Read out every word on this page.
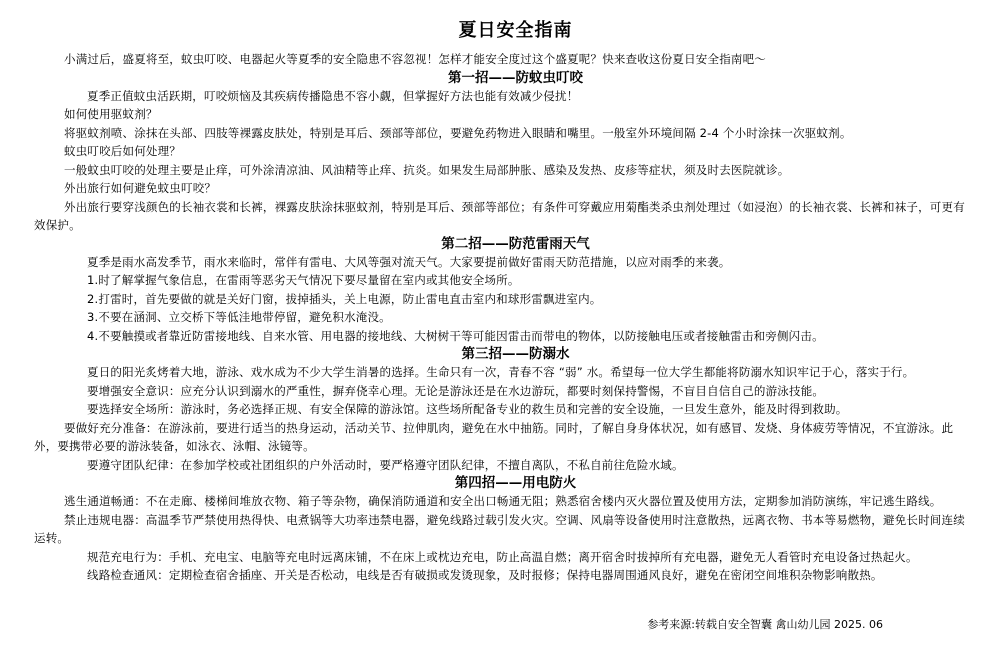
夏日安全指南

小满过后，盛夏将至，蚊虫叮咬、电器起火等夏季的安全隐患不容忽视！怎样才能安全度过这个盛夏呢？快来查收这份夏日安全指南吧～

第一招——防蚊虫叮咬

夏季正值蚊虫活跃期，叮咬烦恼及其疾病传播隐患不容小觑，但掌握好方法也能有效减少侵扰！

如何使用驱蚊剂？

将驱蚊剂喷、涂抹在头部、四肢等裸露皮肤处，特别是耳后、颈部等部位，要避免药物进入眼睛和嘴里。一般室外环境间隔 2-4 个小时涂抹一次驱蚊剂。

蚊虫叮咬后如何处理？

一般蚊虫叮咬的处理主要是止痒，可外涂清凉油、风油精等止痒、抗炎。如果发生局部肿胀、感染及发热、皮疹等症状，须及时去医院就诊。

外出旅行如何避免蚊虫叮咬？

外出旅行要穿浅颜色的长袖衣裳和长裤，裸露皮肤涂抹驱蚊剂，特别是耳后、颈部等部位；有条件可穿戴应用菊酯类杀虫剂处理过（如浸泡）的长袖衣裳、长裤和袜子，可更有效保护。

第二招——防范雷雨天气

夏季是雨水高发季节，雨水来临时，常伴有雷电、大风等强对流天气。大家要提前做好雷雨天防范措施，以应对雨季的来袭。

1.时了解掌握气象信息，在雷雨等恶劣天气情况下要尽量留在室内或其他安全场所。

2.打雷时，首先要做的就是关好门窗，拔掉插头，关上电源，防止雷电直击室内和球形雷飘进室内。

3.不要在涵洞、立交桥下等低洼地带停留，避免积水淹没。

4.不要触摸或者靠近防雷接地线、自来水管、用电器的接地线、大树树干等可能因雷击而带电的物体，以防接触电压或者接触雷击和旁侧闪击。

第三招——防溺水

夏日的阳光炙烤着大地，游泳、戏水成为不少大学生消暑的选择。生命只有一次，青春不容 “弱” 水。希望每一位大学生都能将防溺水知识牢记于心，落实于行。

要增强安全意识：应充分认识到溺水的严重性，摒弃侥幸心理。无论是游泳还是在水边游玩，都要时刻保持警惕，不盲目自信自己的游泳技能。

要选择安全场所：游泳时，务必选择正规、有安全保障的游泳馆。这些场所配备专业的救生员和完善的安全设施，一旦发生意外，能及时得到救助。

要做好充分准备：在游泳前，要进行适当的热身运动，活动关节、拉伸肌肉，避免在水中抽筋。同时，了解自身身体状况，如有感冒、发烧、身体疲劳等情况，不宜游泳。此外，要携带必要的游泳装备，如泳衣、泳帽、泳镜等。

要遵守团队纪律：在参加学校或社团组织的户外活动时，要严格遵守团队纪律，不擅自离队，不私自前往危险水域。

第四招——用电防火

逃生通道畅通：不在走廊、楼梯间堆放衣物、箱子等杂物，确保消防通道和安全出口畅通无阻；熟悉宿舍楼内灭火器位置及使用方法，定期参加消防演练，牢记逃生路线。

禁止违规电器：高温季节严禁使用热得快、电煮锅等大功率违禁电器，避免线路过载引发火灾。空调、风扇等设备使用时注意散热，远离衣物、书本等易燃物，避免长时间连续运转。

规范充电行为：手机、充电宝、电脑等充电时远离床铺，不在床上或枕边充电，防止高温自燃；离开宿舍时拔掉所有充电器，避免无人看管时充电设备过热起火。

线路检查通风：定期检查宿舍插座、开关是否松动，电线是否有破损或发烫现象，及时报修；保持电器周围通风良好，避免在密闭空间堆积杂物影响散热。

参考来源:转载自安全智囊 禽山幼儿园 2025. 06
